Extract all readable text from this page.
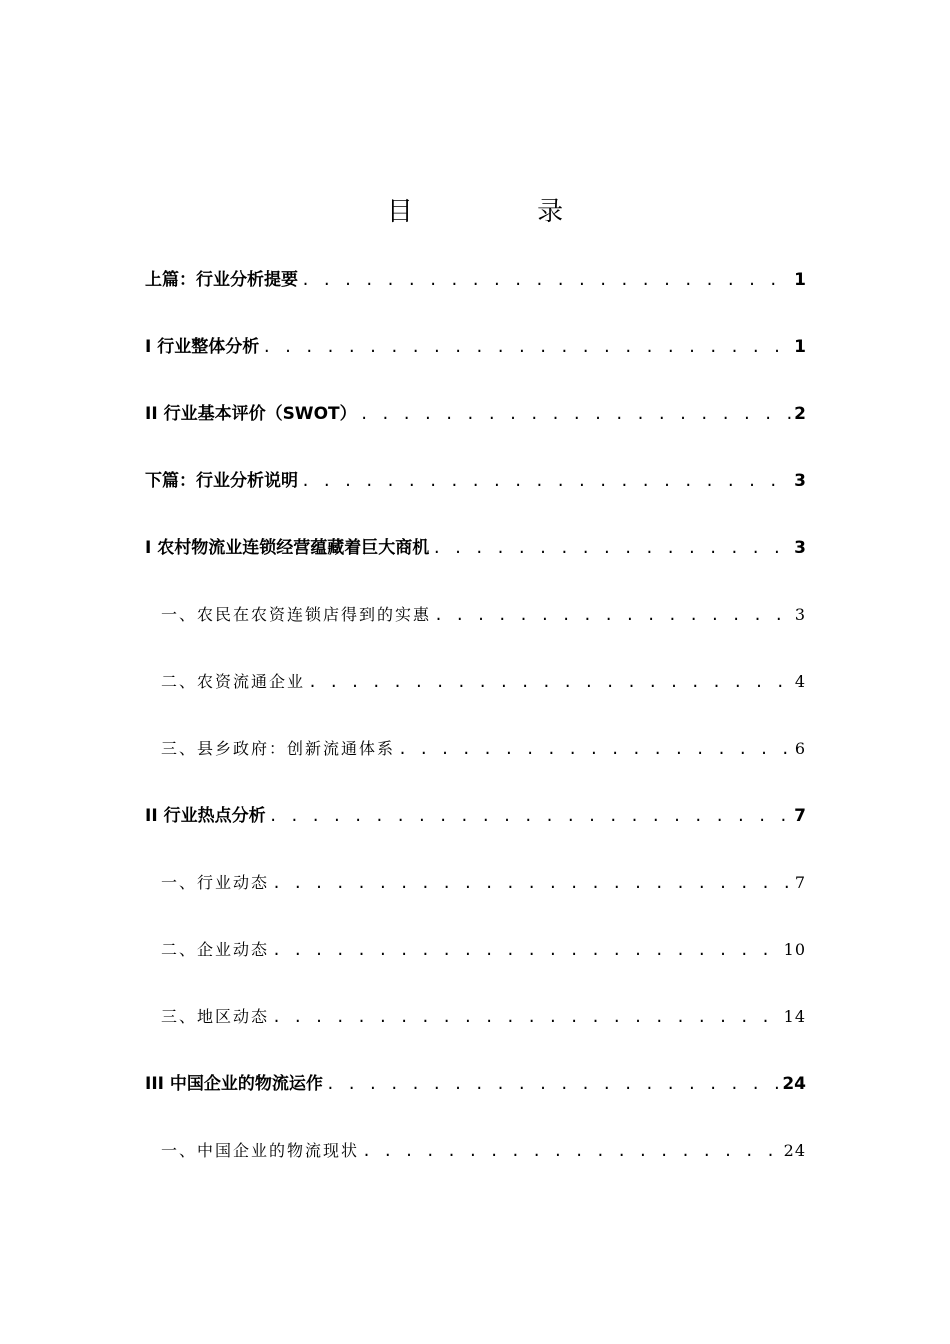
目 录
上篇：行业分析提要 . . .	1
I 行业整体分析 . . .	1
II 行业基本评价（SWOT） . . .	2
下篇：行业分析说明 . . .	3
I 农村物流业连锁经营蕴藏着巨大商机 . . .	3
一、农民在农资连锁店得到的实惠 . . .	3
二、农资流通企业 . . .	4
三、县乡政府：创新流通体系 . . .	6
II 行业热点分析 . . .	7
一、行业动态 . . .	7
二、企业动态 . . .	10
三、地区动态 . . .	14
III 中国企业的物流运作 . . .	24
一、中国企业的物流现状 . . .	24
